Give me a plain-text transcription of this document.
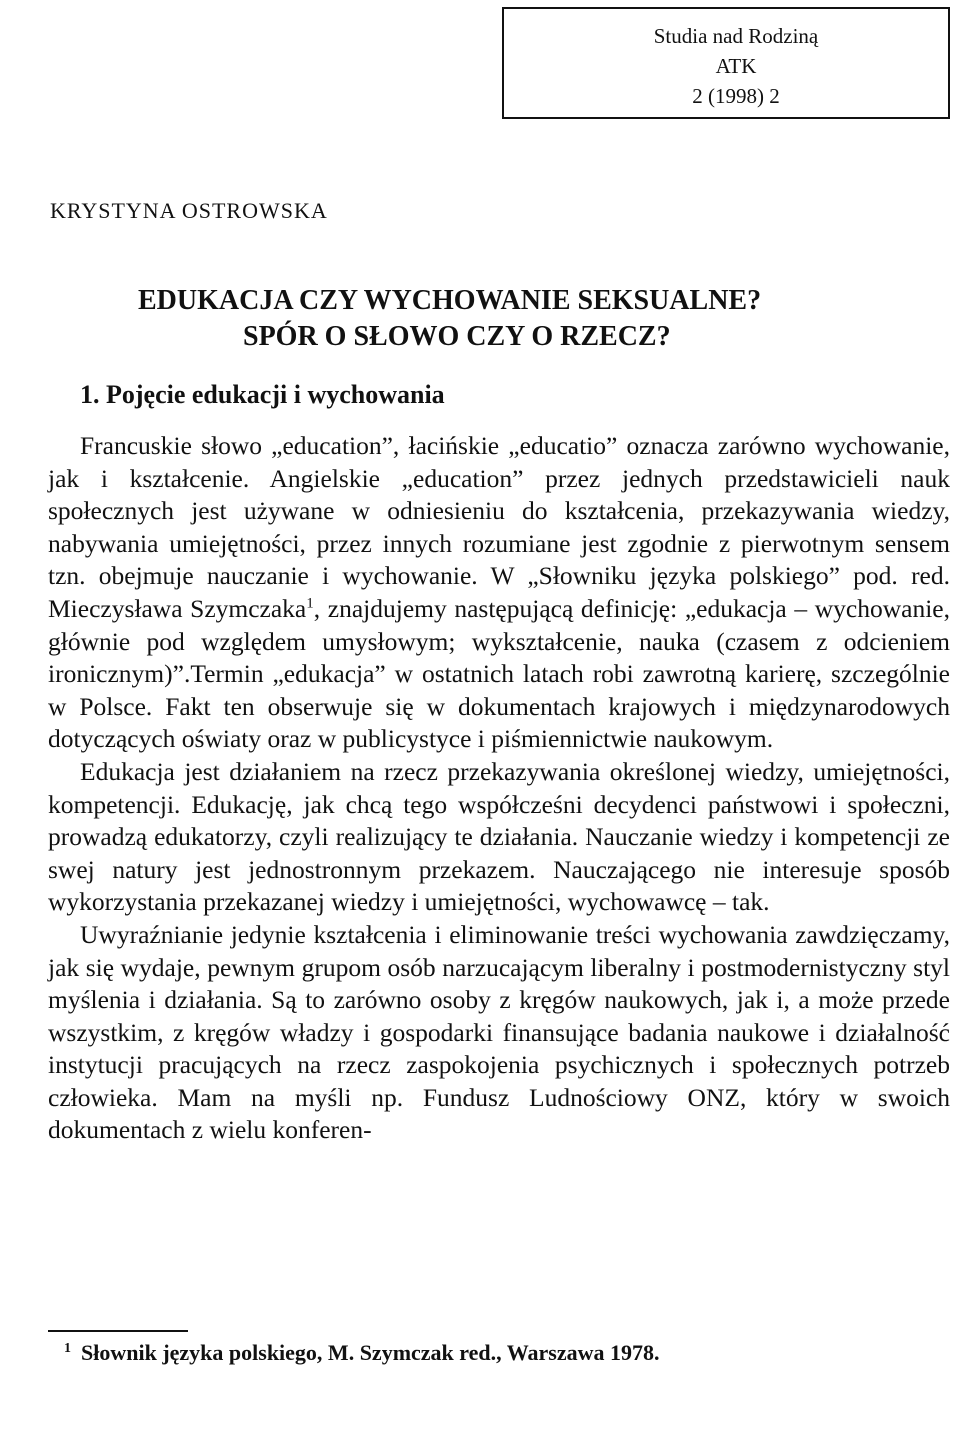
Studia nad Rodziną
ATK
2 (1998) 2
KRYSTYNA OSTROWSKA
EDUKACJA CZY WYCHOWANIE SEKSUALNE?
SPÓR O SŁOWO CZY O RZECZ?
1. Pojęcie edukacji i wychowania

Francuskie słowo „education”, łacińskie „educatio” oznacza zarówno wychowanie, jak i kształcenie. Angielskie „education” przez jednych przedstawicieli nauk społecznych jest używane w odniesieniu do kształcenia, przekazywania wiedzy, nabywania umiejętności, przez innych rozumiane jest zgodnie z pierwotnym sensem tzn. obejmuje nauczanie i wychowanie. W „Słowniku języka polskiego” pod. red. Mieczysława Szymczaka$^1$, znajdujemy następującą definicję: „edukacja – wychowanie, głównie pod względem umysłowym; wykształcenie, nauka (czasem z odcieniem ironicznym)”.Termin „edukacja” w ostatnich latach robi zawrotną karierę, szczególnie w Polsce. Fakt ten obserwuje się w dokumentach krajowych i międzynarodowych dotyczących oświaty oraz w publicystyce i piśmiennictwie naukowym.

Edukacja jest działaniem na rzecz przekazywania określonej wiedzy, umiejętności, kompetencji. Edukację, jak chcą tego współcześni decydenci państwowi i społeczni, prowadzą edukatorzy, czyli realizujący te działania. Nauczanie wiedzy i kompetencji ze swej natury jest jednostronnym przekazem. Nauczającego nie interesuje sposób wykorzystania przekazanej wiedzy i umiejętności, wychowawcę – tak.

Uwyraźnianie jedynie kształcenia i eliminowanie treści wychowania zawdzięczamy, jak się wydaje, pewnym grupom osób narzucającym liberalny i postmodernistyczny styl myślenia i działania. Są to zarówno osoby z kręgów naukowych, jak i, a może przede wszystkim, z kręgów władzy i gospodarki finansujące badania naukowe i działalność instytucji pracujących na rzecz zaspokojenia psychicznych i społecznych potrzeb człowieka. Mam na myśli np. Fundusz Ludnościowy ONZ, który w swoich dokumentach z wielu konferen-

$^1$ Słownik języka polskiego, M. Szymczak red., Warszawa 1978.
